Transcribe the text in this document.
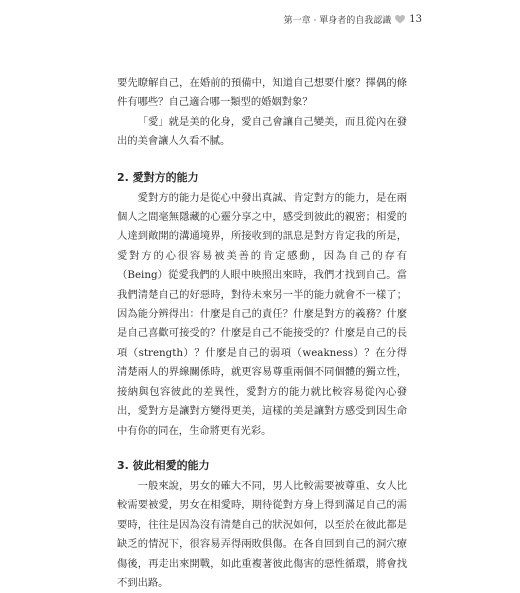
第一章 · 單身者的自我認識 13

要先瞭解自己，在婚前的預備中，知道自己想要什麼？擇偶的條件有哪些？自己適合哪一類型的婚姻對象？

「愛」就是美的化身，愛自己會讓自己變美，而且從內在發出的美會讓人久看不膩。

2. 愛對方的能力

愛對方的能力是從心中發出真誠、肯定對方的能力，是在兩個人之間毫無隱藏的心靈分享之中，感受到彼此的親密；相愛的人達到敞開的溝通境界，所接收到的訊息是對方肯定我的所是，愛對方的心很容易被美善的肯定感動，因為自己的存有（Being）從愛我們的人眼中映照出來時，我們才找到自己。當我們清楚自己的好惡時，對待未來另一半的能力就會不一樣了；因為能分辨得出：什麼是自己的責任？什麼是對方的義務？什麼是自己喜歡可接受的？什麼是自己不能接受的？什麼是自己的長項（strength）？什麼是自己的弱項（weakness）？在分得清楚兩人的界線關係時，就更容易尊重兩個不同個體的獨立性，接納與包容彼此的差異性，愛對方的能力就比較容易從內心發出，愛對方是讓對方變得更美，這樣的美是讓對方感受到因生命中有你的同在，生命將更有光彩。

3. 彼此相愛的能力

一般來說，男女的確大不同，男人比較需要被尊重、女人比較需要被愛，男女在相愛時，期待從對方身上得到滿足自己的需要時，往往是因為沒有清楚自己的狀況如何，以至於在彼此都是缺乏的情況下，很容易弄得兩敗俱傷。在各自回到自己的洞穴療傷後，再走出來開戰，如此重複著彼此傷害的惡性循環，將會找不到出路。
